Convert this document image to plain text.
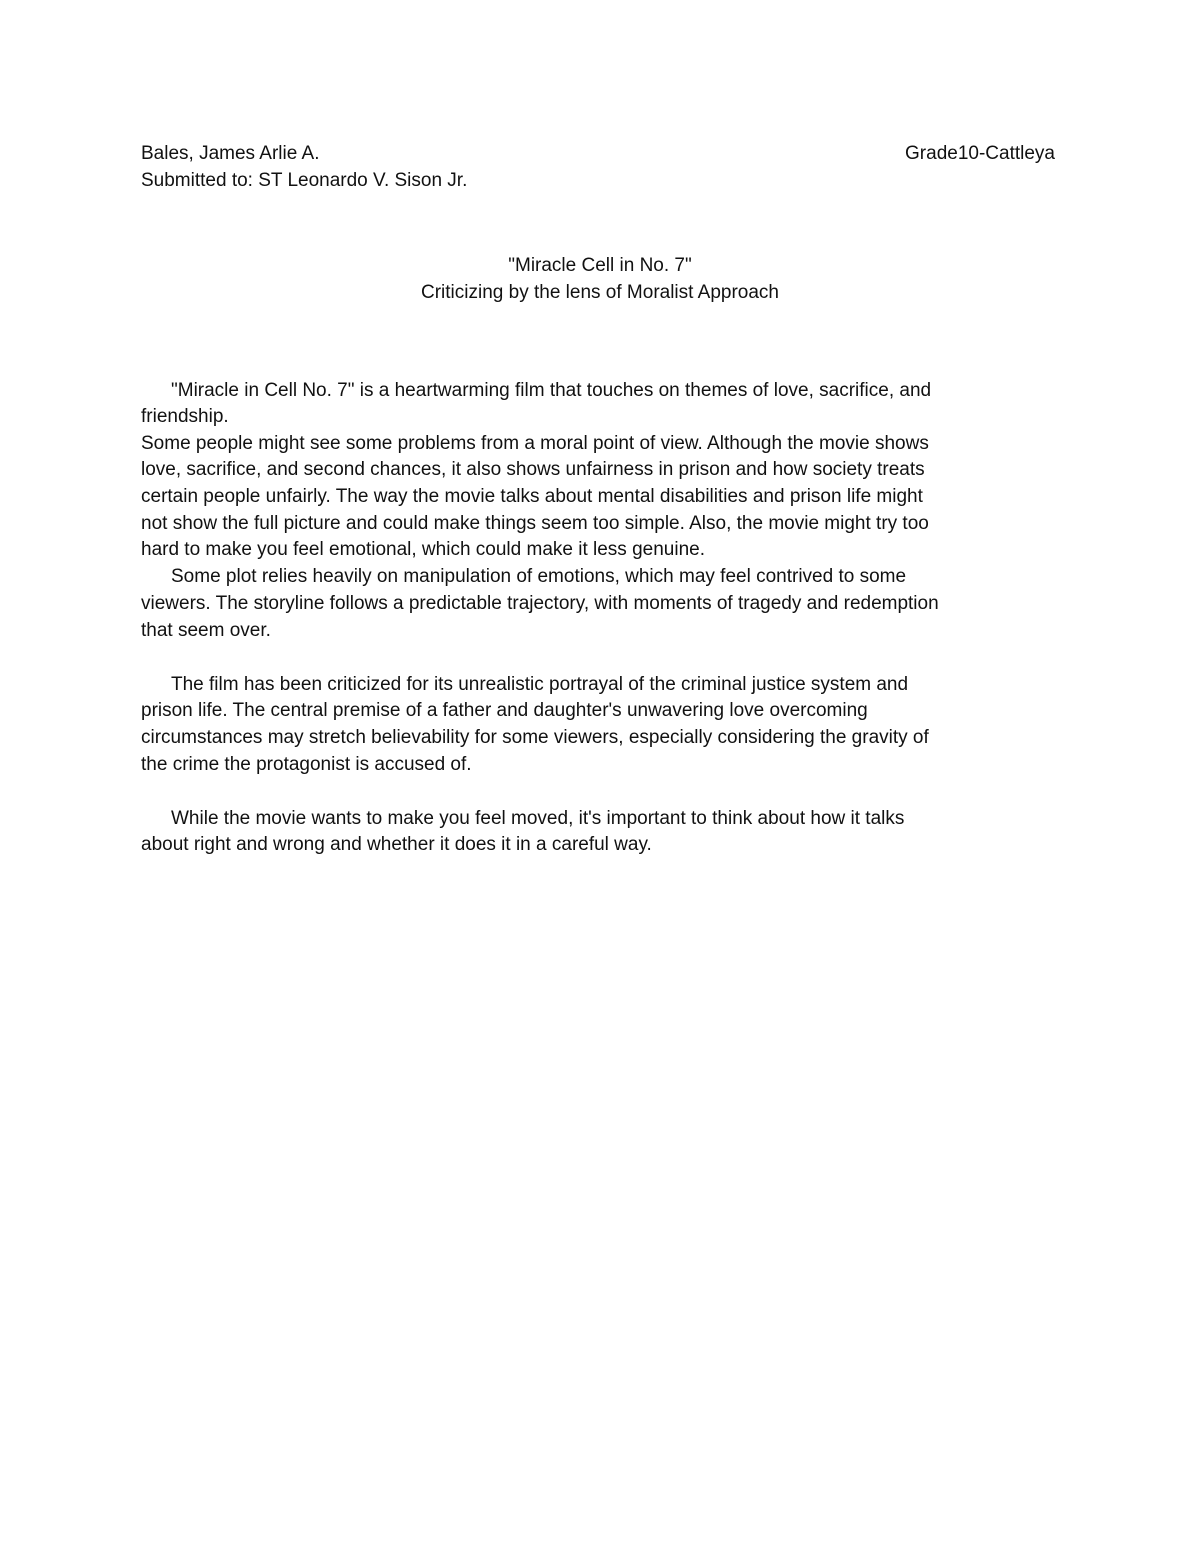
Bales, James Arlie A.	Grade10-Cattleya
Submitted to: ST Leonardo V. Sison Jr.
"Miracle Cell in No. 7"
Criticizing by the lens of Moralist Approach
"Miracle in Cell No. 7" is a heartwarming film that touches on themes of love, sacrifice, and
friendship.
Some people might see some problems from a moral point of view. Although the movie shows
love, sacrifice, and second chances, it also shows unfairness in prison and how society treats
certain people unfairly. The way the movie talks about mental disabilities and prison life might
not show the full picture and could make things seem too simple. Also, the movie might try too
hard to make you feel emotional, which could make it less genuine.
Some plot relies heavily on manipulation of emotions, which may feel contrived to some
viewers. The storyline follows a predictable trajectory, with moments of tragedy and redemption
that seem over.
The film has been criticized for its unrealistic portrayal of the criminal justice system and
prison life. The central premise of a father and daughter's unwavering love overcoming
circumstances may stretch believability for some viewers, especially considering the gravity of
the crime the protagonist is accused of.
While the movie wants to make you feel moved, it's important to think about how it talks
about right and wrong and whether it does it in a careful way.
